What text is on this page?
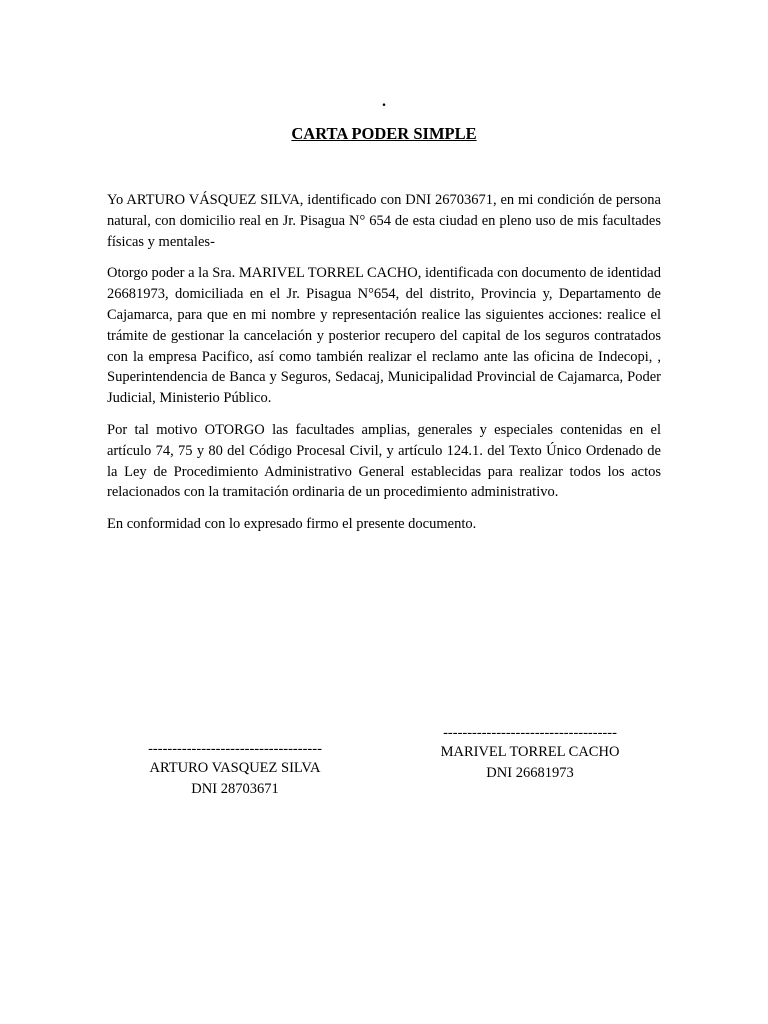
.
CARTA PODER SIMPLE

Yo ARTURO VÁSQUEZ SILVA, identificado con DNI 26703671, en mi condición de persona natural, con domicilio real en Jr. Pisagua N° 654 de esta ciudad en pleno uso de mis facultades físicas y mentales-

Otorgo poder a la Sra. MARIVEL TORREL CACHO, identificada con documento de identidad 26681973, domiciliada en el Jr. Pisagua N°654, del distrito, Provincia y, Departamento de Cajamarca, para que en mi nombre y representación realice las siguientes acciones: realice el trámite de gestionar la cancelación y posterior recupero del capital de los seguros contratados con la empresa Pacifico, así como también realizar el reclamo ante las oficina de Indecopi, , Superintendencia de Banca y Seguros, Sedacaj, Municipalidad Provincial de Cajamarca, Poder Judicial, Ministerio Público.

Por tal motivo OTORGO las facultades amplias, generales y especiales contenidas en el artículo 74, 75 y 80 del Código Procesal Civil, y artículo 124.1. del Texto Único Ordenado de la Ley de Procedimiento Administrativo General establecidas para realizar todos los actos relacionados con la tramitación ordinaria de un procedimiento administrativo.

En conformidad con lo expresado firmo el presente documento.

------------------------------------
ARTURO VASQUEZ SILVA
DNI 28703671
------------------------------------
MARIVEL TORREL CACHO
DNI 26681973
